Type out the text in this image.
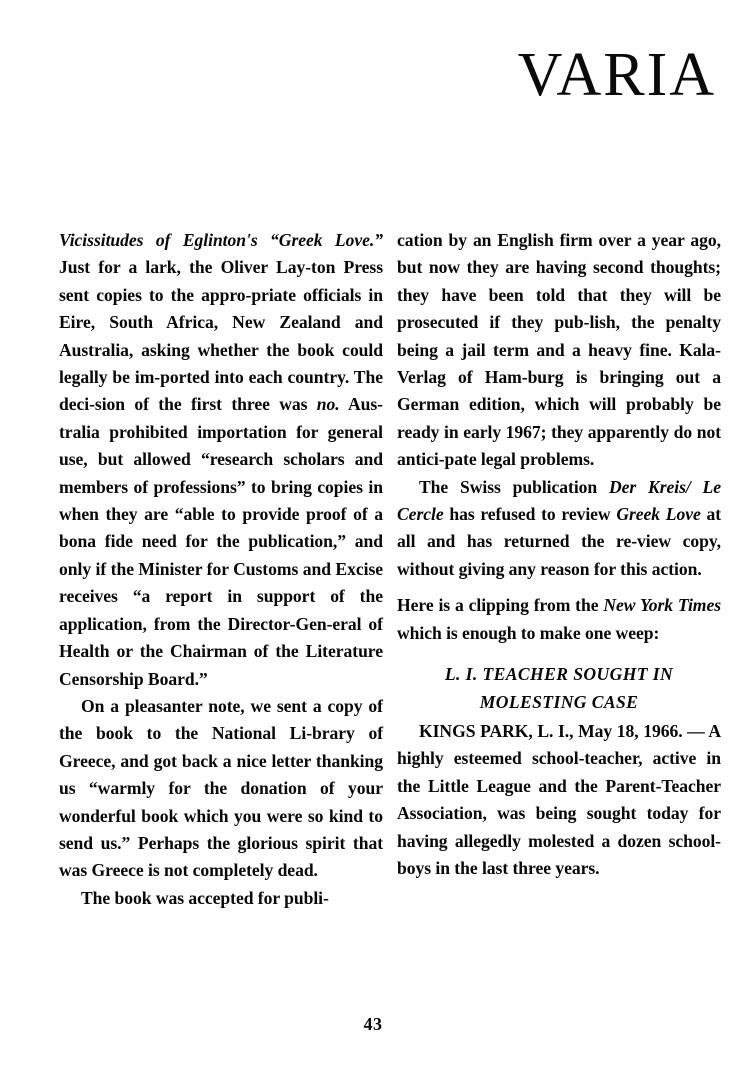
VARIA

Vicissitudes of Eglinton's “Greek Love.” Just for a lark, the Oliver Lay-ton Press sent copies to the appro-priate officials in Eire, South Africa, New Zealand and Australia, asking whether the book could legally be im-ported into each country. The deci-sion of the first three was no. Aus-tralia prohibited importation for general use, but allowed “research scholars and members of professions” to bring copies in when they are “able to provide proof of a bona fide need for the publication,” and only if the Minister for Customs and Excise receives “a report in support of the application, from the Director-Gen-eral of Health or the Chairman of the Literature Censorship Board.”

On a pleasanter note, we sent a copy of the book to the National Li-brary of Greece, and got back a nice letter thanking us “warmly for the donation of your wonderful book which you were so kind to send us.” Perhaps the glorious spirit that was Greece is not completely dead.

The book was accepted for publi-

cation by an English firm over a year ago, but now they are having second thoughts; they have been told that they will be prosecuted if they pub-lish, the penalty being a jail term and a heavy fine. Kala-Verlag of Ham-burg is bringing out a German edition, which will probably be ready in early 1967; they apparently do not antici-pate legal problems.

The Swiss publication Der Kreis/ Le Cercle has refused to review Greek Love at all and has returned the re-view copy, without giving any reason for this action.

Here is a clipping from the New York Times which is enough to make one weep:

L. I. TEACHER SOUGHT IN
MOLESTING CASE

KINGS PARK, L. I., May 18, 1966. — A highly esteemed school-teacher, active in the Little League and the Parent-Teacher Association, was being sought today for having allegedly molested a dozen school-boys in the last three years.

43
